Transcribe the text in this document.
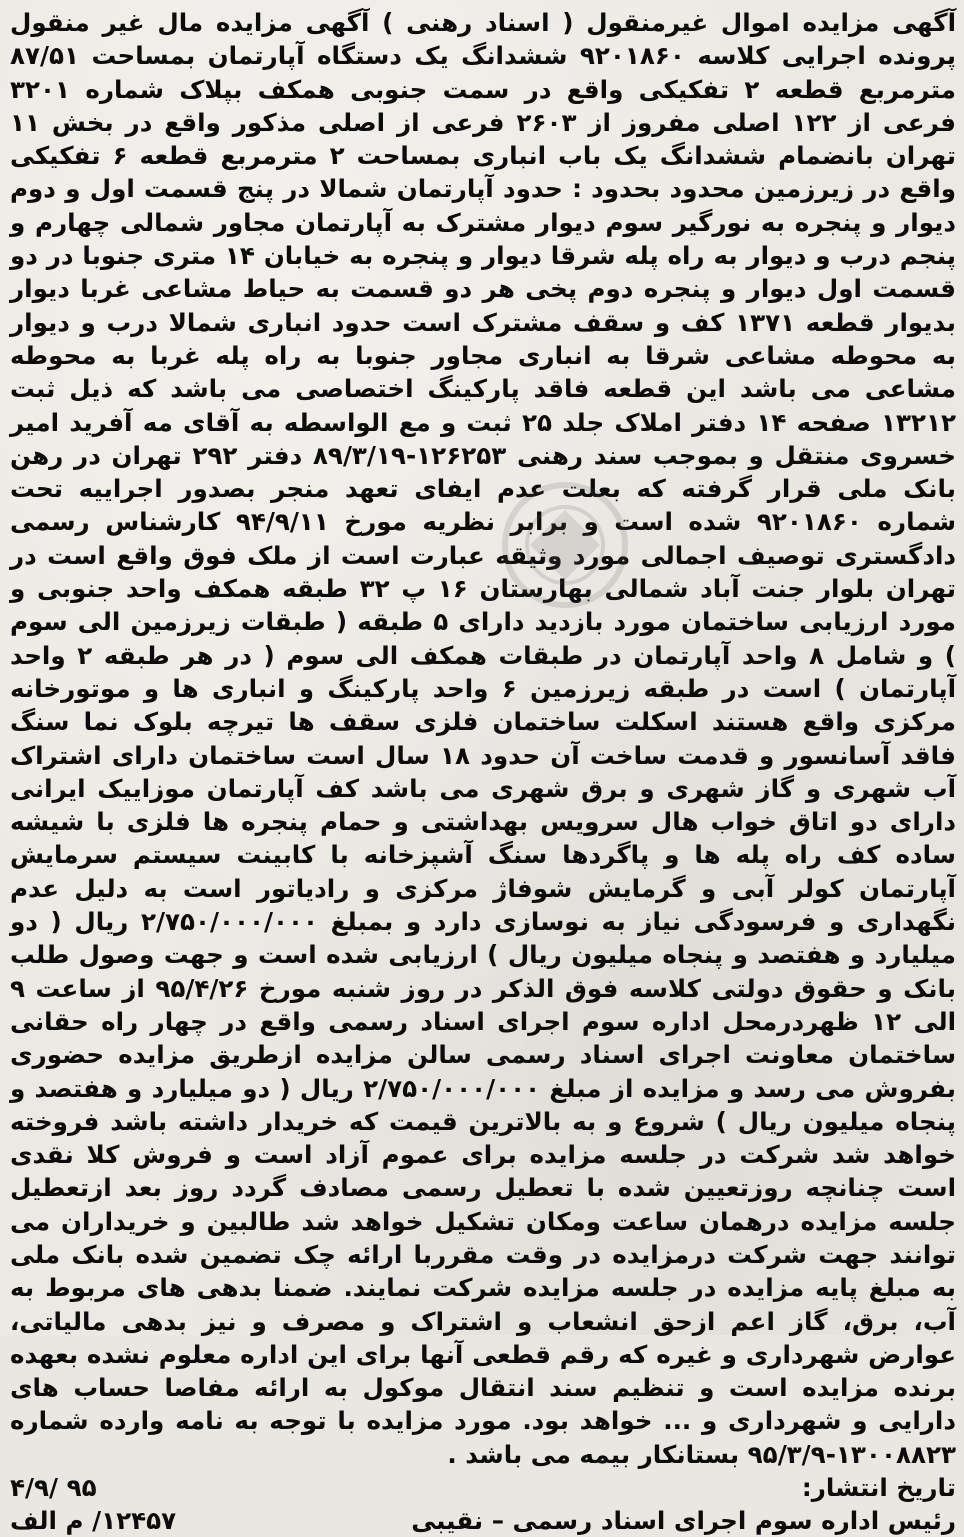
آگهی مزایده اموال غیرمنقول ( اسناد رهنی ) آگهی مزایده مال غیر منقول پرونده اجرایی کلاسه ۹۲۰۱۸۶۰ ششدانگ یک دستگاه آپارتمان بمساحت ۸۷/۵۱ مترمربع قطعه ۲ تفکیکی واقع در سمت جنوبی همکف بپلاک شماره ۳۲۰۱ فرعی از ۱۲۲ اصلی مفروز از ۲۶۰۳ فرعی از اصلی مذکور واقع در بخش ۱۱ تهران بانضمام ششدانگ یک باب انباری بمساحت ۲ مترمربع قطعه ۶ تفکیکی واقع در زیرزمین محدود بحدود : حدود آپارتمان شمالا در پنج قسمت اول و دوم دیوار و پنجره به نورگیر سوم دیوار مشترک به آپارتمان مجاور شمالی چهارم و پنجم درب و دیوار به راه پله شرقا دیوار و پنجره به خیابان ۱۴ متری جنوبا در دو قسمت اول دیوار و پنجره دوم پخی هر دو قسمت به حیاط مشاعی غربا دیوار بدیوار قطعه ۱۳۷۱ کف و سقف مشترک است حدود انباری شمالا درب و دیوار به محوطه مشاعی شرقا به انباری مجاور جنوبا به راه پله غربا به محوطه مشاعی می باشد این قطعه فاقد پارکینگ اختصاصی می باشد که ذیل ثبت ۱۳۲۱۲ صفحه ۱۴ دفتر املاک جلد ۲۵ ثبت و مع الواسطه به آقای مه آفرید امیر خسروی منتقل و بموجب سند رهنی ۱۲۶۲۵۳-۸۹/۳/۱۹ دفتر ۲۹۲ تهران در رهن بانک ملی قرار گرفته که بعلت عدم ایفای تعهد منجر بصدور اجراییه تحت شماره ۹۲۰۱۸۶۰ شده است و برابر نظریه مورخ ۹۴/۹/۱۱ کارشناس رسمی دادگستری توصیف اجمالی مورد وثیقه عبارت است از ملک فوق واقع است در تهران بلوار جنت آباد شمالی بهارستان ۱۶ پ ۳۲ طبقه همکف واحد جنوبی و مورد ارزیابی ساختمان مورد بازدید دارای ۵ طبقه ( طبقات زیرزمین الی سوم ) و شامل ۸ واحد آپارتمان در طبقات همکف الی سوم ( در هر طبقه ۲ واحد آپارتمان ) است در طبقه زیرزمین ۶ واحد پارکینگ و انباری ها و موتورخانه مرکزی واقع هستند اسکلت ساختمان فلزی سقف ها تیرچه بلوک نما سنگ فاقد آسانسور و قدمت ساخت آن حدود ۱۸ سال است ساختمان دارای اشتراک آب شهری و گاز شهری و برق شهری می باشد کف آپارتمان موزاییک ایرانی دارای دو اتاق خواب هال سرویس بهداشتی و حمام پنجره ها فلزی با شیشه ساده کف راه پله ها و پاگردها سنگ آشپزخانه با کابینت سیستم سرمایش آپارتمان کولر آبی و گرمایش شوفاژ مرکزی و رادیاتور است به دلیل عدم نگهداری و فرسودگی نیاز به نوسازی دارد و بمبلغ ۲/۷۵۰/۰۰۰/۰۰۰ ریال ( دو میلیارد و هفتصد و پنجاه میلیون ریال ) ارزیابی شده است و جهت وصول طلب بانک و حقوق دولتی کلاسه فوق الذکر در روز شنبه مورخ ۹۵/۴/۲۶ از ساعت ۹ الی ۱۲ ظهردرمحل اداره سوم اجرای اسناد رسمی واقع در چهار راه حقانی ساختمان معاونت اجرای اسناد رسمی سالن مزایده ازطریق مزایده حضوری بفروش می رسد و مزایده از مبلغ ۲/۷۵۰/۰۰۰/۰۰۰ ریال ( دو میلیارد و هفتصد و پنجاه میلیون ریال ) شروع و به بالاترین قیمت که خریدار داشته باشد فروخته خواهد شد شرکت در جلسه مزایده برای عموم آزاد است و فروش کلا نقدی است چنانچه روزتعیین شده با تعطیل رسمی مصادف گردد روز بعد ازتعطیل جلسه مزایده درهمان ساعت ومکان تشکیل خواهد شد طالبین و خریداران می توانند جهت شرکت درمزایده در وقت مقرربا ارائه چک تضمین شده بانک ملی به مبلغ پایه مزایده در جلسه مزایده شرکت نمایند. ضمنا بدهی های مربوط به آب، برق، گاز اعم ازحق انشعاب و اشتراک و مصرف و نیز بدهی مالیاتی، عوارض شهرداری و غیره که رقم قطعی آنها برای این اداره معلوم نشده بعهده برنده مزایده است و تنظیم سند انتقال موکول به ارائه مفاصا حساب های دارایی و شهرداری و ... خواهد بود. مورد مزایده با توجه به نامه وارده شماره ۱۳۰۰۸۸۲۳-۹۵/۳/۹ بستانکار بیمه می باشد .

تاریخ انتشار:
۹۵ /۴/۹
رئیس اداره سوم اجرای اسناد رسمی – نقیبی
۱۲۴۵۷/ م الف
